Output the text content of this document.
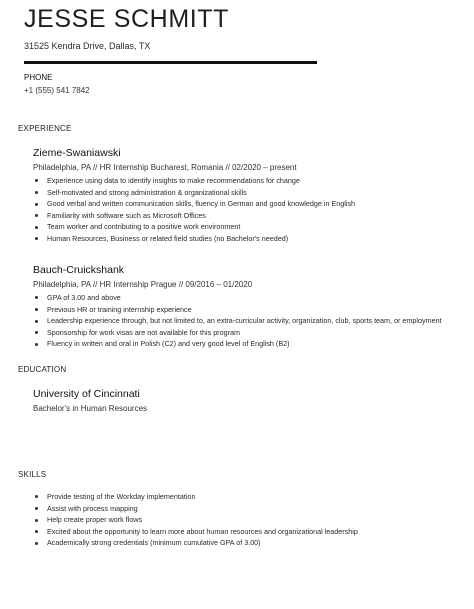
JESSE SCHMITT
31525 Kendra Drive, Dallas, TX
PHONE
+1 (555) 541 7842
EXPERIENCE
Zieme-Swaniawski
Philadelphia, PA // HR Internship Bucharest, Romania // 02/2020 – present
Experience using data to identify insights to make recommendations for change
Self-motivated and strong administration & organizational skills
Good verbal and written communication skills, fluency in German and good knowledge in English
Familiarity with software such as Microsoft Offices
Team worker and contributing to a positive work environment
Human Resources, Business or related field studies (no Bachelor's needed)
Bauch-Cruickshank
Philadelphia, PA // HR Internship Prague // 09/2016 – 01/2020
GPA of 3.00 and above
Previous HR or training internship experience
Leadership experience through, but not limited to, an extra-curricular activity, organization, club, sports team, or employment
Sponsorship for work visas are not available for this program
Fluency in written and oral in Polish (C2) and very good level of English (B2)
EDUCATION
University of Cincinnati
Bachelor's in Human Resources
SKILLS
Provide testing of the Workday implementation
Assist with process mapping
Help create proper work flows
Excited about the opportunity to learn more about human resources and organizational leadership
Academically strong credentials (minimum cumulative GPA of 3.00)
